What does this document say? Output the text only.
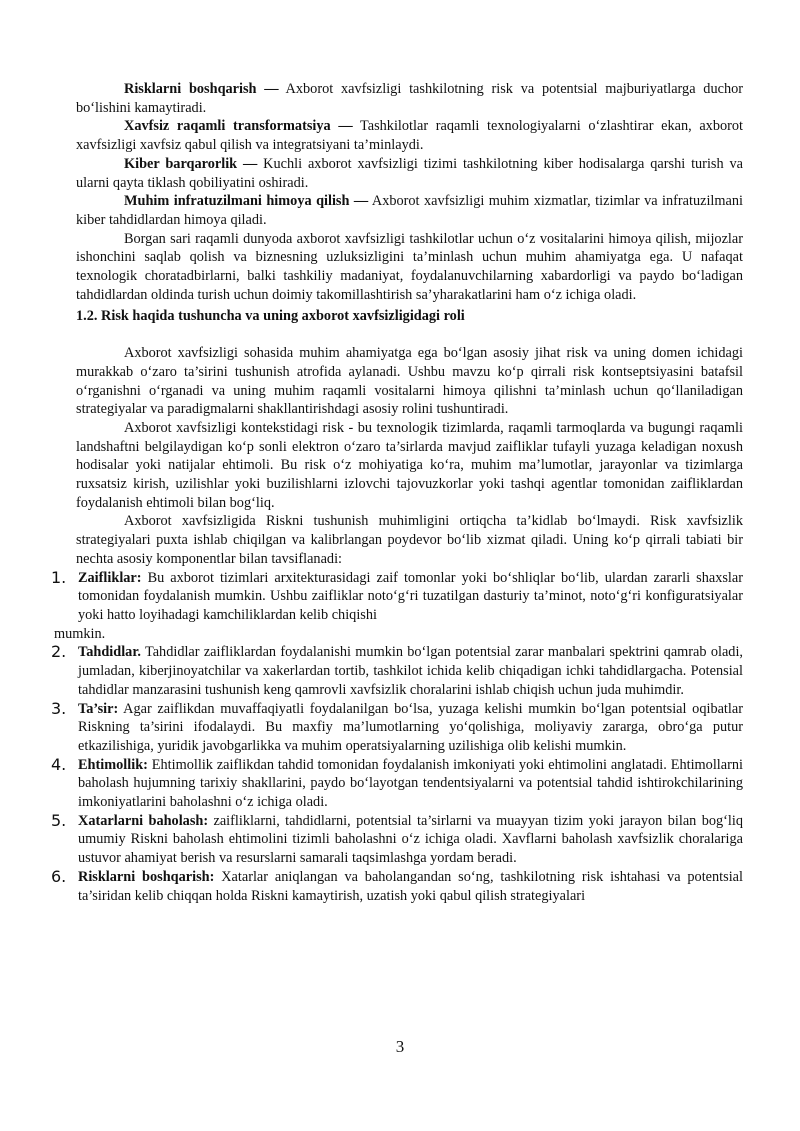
Risklarni boshqarish — Axborot xavfsizligi tashkilotning risk va potentsial majburiyatlarga duchor bo‘lishini kamaytiradi.

Xavfsiz raqamli transformatsiya — Tashkilotlar raqamli texnologiyalarni o‘zlashtirar ekan, axborot xavfsizligi xavfsiz qabul qilish va integratsiyani ta’minlaydi.

Kiber barqarorlik — Kuchli axborot xavfsizligi tizimi tashkilotning kiber hodisalarga qarshi turish va ularni qayta tiklash qobiliyatini oshiradi.

Muhim infratuzilmani himoya qilish — Axborot xavfsizligi muhim xizmatlar, tizimlar va infratuzilmani kiber tahdidlardan himoya qiladi.

Borgan sari raqamli dunyoda axborot xavfsizligi tashkilotlar uchun o‘z vositalarini himoya qilish, mijozlar ishonchini saqlab qolish va biznesning uzluksizligini ta’minlash uchun muhim ahamiyatga ega. U nafaqat texnologik choratadbirlarni, balki tashkiliy madaniyat, foydalanuvchilarning xabardorligi va paydo bo‘ladigan tahdidlardan oldinda turish uchun doimiy takomillashtirish sa’yharakatlarini ham o‘z ichiga oladi.

1.2. Risk haqida tushuncha va uning axborot xavfsizligidagi roli

Axborot xavfsizligi sohasida muhim ahamiyatga ega bo‘lgan asosiy jihat risk va uning domen ichidagi murakkab o‘zaro ta’sirini tushunish atrofida aylanadi. Ushbu mavzu ko‘p qirrali risk kontseptsiyasini batafsil o‘rganishni o‘rganadi va uning muhim raqamli vositalarni himoya qilishni ta’minlash uchun qo‘llaniladigan strategiyalar va paradigmalarni shakllantirishdagi asosiy rolini tushuntiradi.

Axborot xavfsizligi kontekstidagi risk - bu texnologik tizimlarda, raqamli tarmoqlarda va bugungi raqamli landshaftni belgilaydigan ko‘p sonli elektron o‘zaro ta’sirlarda mavjud zaifliklar tufayli yuzaga keladigan noxush hodisalar yoki natijalar ehtimoli. Bu risk o‘z mohiyatiga ko‘ra, muhim ma’lumotlar, jarayonlar va tizimlarga ruxsatsiz kirish, uzilishlar yoki buzilishlarni izlovchi tajovuzkorlar yoki tashqi agentlar tomonidan zaifliklardan foydalanish ehtimoli bilan bog‘liq.

Axborot xavfsizligida Riskni tushunish muhimligini ortiqcha ta’kidlab bo‘lmaydi. Risk xavfsizlik strategiyalari puxta ishlab chiqilgan va kalibrlangan poydevor bo‘lib xizmat qiladi. Uning ko‘p qirrali tabiati bir nechta asosiy komponentlar bilan tavsiflanadi:

1. Zaifliklar: Bu axborot tizimlari arxitekturasidagi zaif tomonlar yoki bo‘shliqlar bo‘lib, ulardan zararli shaxslar tomonidan foydalanish mumkin. Ushbu zaifliklar noto‘g‘ri tuzatilgan dasturiy ta’minot, noto‘g‘ri konfiguratsiyalar yoki hatto loyihadagi kamchiliklardan kelib chiqishi
mumkin.
2. Tahdidlar. Tahdidlar zaifliklardan foydalanishi mumkin bo‘lgan potentsial zarar manbalari spektrini qamrab oladi, jumladan, kiberjinoyatchilar va xakerlardan tortib, tashkilot ichida kelib chiqadigan ichki tahdidlargacha. Potensial tahdidlar manzarasini tushunish keng qamrovli xavfsizlik choralarini ishlab chiqish uchun juda muhimdir.
3. Ta’sir: Agar zaiflikdan muvaffaqiyatli foydalanilgan bo‘lsa, yuzaga kelishi mumkin bo‘lgan potentsial oqibatlar Riskning ta’sirini ifodalaydi. Bu maxfiy ma’lumotlarning yo‘qolishiga, moliyaviy zararga, obro‘ga putur etkazilishiga, yuridik javobgarlikka va muhim operatsiyalarning uzilishiga olib kelishi mumkin.
4. Ehtimollik: Ehtimollik zaiflikdan tahdid tomonidan foydalanish imkoniyati yoki ehtimolini anglatadi. Ehtimollarni baholash hujumning tarixiy shakllarini, paydo bo‘layotgan tendentsiyalarni va potentsial tahdid ishtirokchilarining imkoniyatlarini baholashni o‘z ichiga oladi.
5. Xatarlarni baholash: zaifliklarni, tahdidlarni, potentsial ta’sirlarni va muayyan tizim yoki jarayon bilan bog‘liq umumiy Riskni baholash ehtimolini tizimli baholashni o‘z ichiga oladi. Xavflarni baholash xavfsizlik choralariga ustuvor ahamiyat berish va resurslarni samarali taqsimlashga yordam beradi.
6. Risklarni boshqarish: Xatarlar aniqlangan va baholangandan so‘ng, tashkilotning risk ishtahasi va potentsial ta’siridan kelib chiqqan holda Riskni kamaytirish, uzatish yoki qabul qilish strategiyalari
3
